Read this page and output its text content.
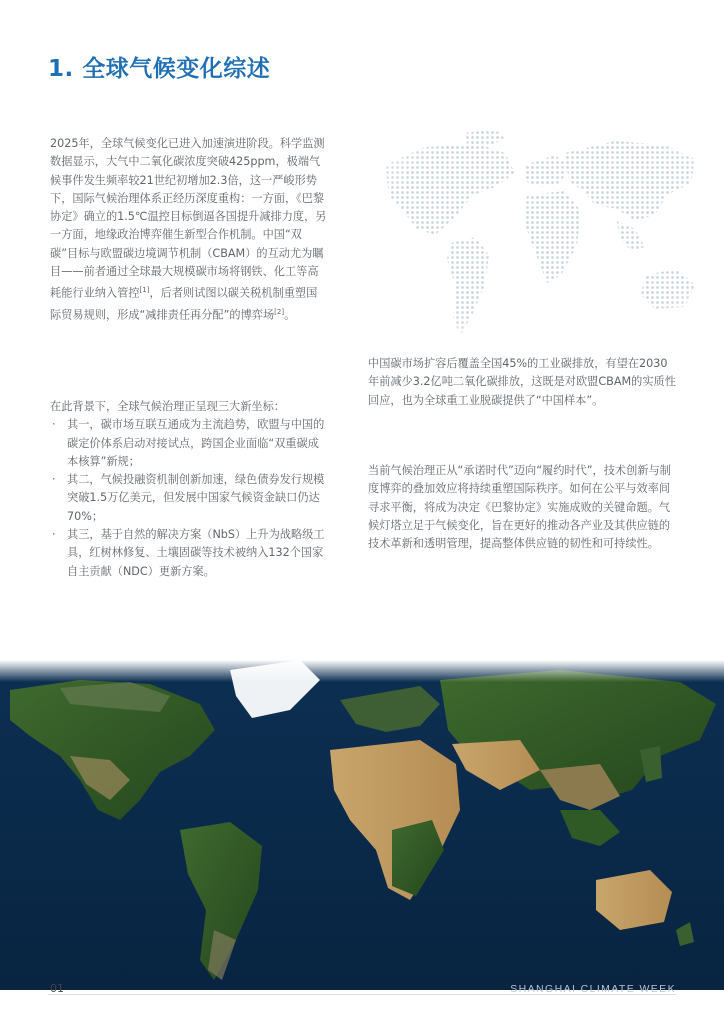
1. 全球气候变化综述

2025年，全球气候变化已进入加速演进阶段。科学监测数据显示，大气中二氧化碳浓度突破425ppm，极端气候事件发生频率较21世纪初增加2.3倍，这一严峻形势下，国际气候治理体系正经历深度重构：一方面，《巴黎协定》确立的1.5℃温控目标倒逼各国提升减排力度，另一方面，地缘政治博弈催生新型合作机制。中国“双碳”目标与欧盟碳边境调节机制（CBAM）的互动尤为瞩目——前者通过全球最大规模碳市场将钢铁、化工等高耗能行业纳入管控[1]，后者则试图以碳关税机制重塑国际贸易规则，形成“减排责任再分配”的博弈场[2]。

在此背景下，全球气候治理正呈现三大新坐标：

· 其一，碳市场互联互通成为主流趋势，欧盟与中国的碳定价体系启动对接试点，跨国企业面临“双重碳成本核算”新规；
· 其二，气候投融资机制创新加速，绿色债券发行规模突破1.5万亿美元，但发展中国家气候资金缺口仍达70%；
· 其三，基于自然的解决方案（NbS）上升为战略级工具，红树林修复、土壤固碳等技术被纳入132个国家自主贡献（NDC）更新方案。

中国碳市场扩容后覆盖全国45%的工业碳排放，有望在2030年前减少3.2亿吨二氧化碳排放，这既是对欧盟CBAM的实质性回应，也为全球重工业脱碳提供了“中国样本”。

当前气候治理正从“承诺时代”迈向“履约时代”，技术创新与制度博弈的叠加效应将持续重塑国际秩序。如何在公平与效率间寻求平衡，将成为决定《巴黎协定》实施成败的关键命题。气候灯塔立足于气候变化，旨在更好的推动各产业及其供应链的技术革新和透明管理，提高整体供应链的韧性和可持续性。

01	SHANGHAI CLIMATE WEEK
